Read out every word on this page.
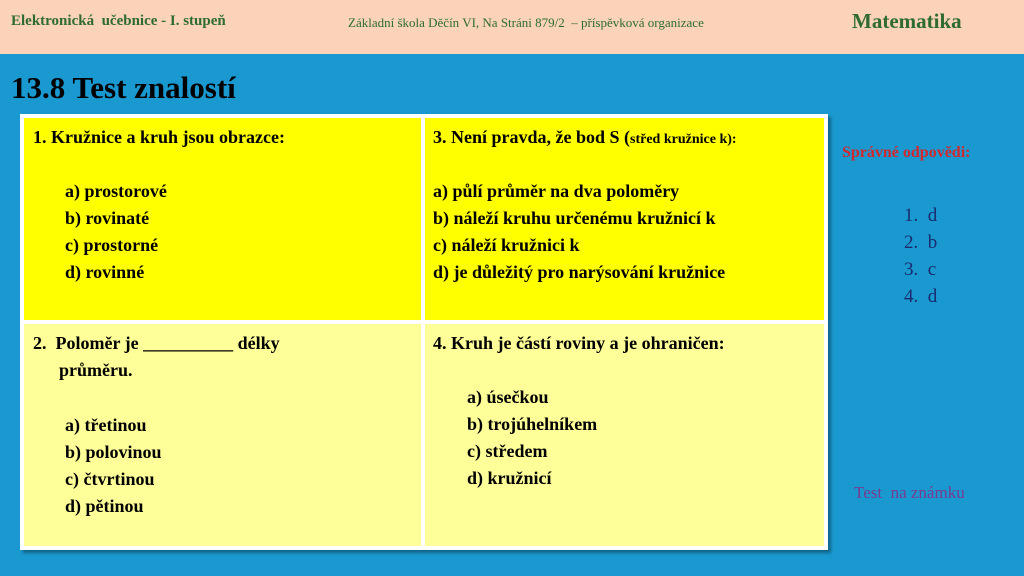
Elektronická  učebnice - I. stupeň	Základní škola Děčín VI, Na Stráni 879/2  – příspěvková organizace	Matematika
13.8 Test znalostí
1. Kružnice a kruh jsou obrazce:
a) prostorové
b) rovinaté
c) prostorné
d) rovinné
3. Není pravda, že bod S (střed kružnice k):
a) půlí průměr na dva poloměry
b) náleží kruhu určenému kružnicí k
c) náleží kružnici k
d) je důležitý pro narýsování kružnice
2.  Poloměr je __________ délky
průměru.
a) třetinou
b) polovinou
c) čtvrtinou
d) pětinou
4. Kruh je částí roviny a je ohraničen:
a) úsečkou
b) trojúhelníkem
c) středem
d) kružnicí
Správné odpovědi:
1.  d
2.  b
3.  c
4.  d
Test  na známku
